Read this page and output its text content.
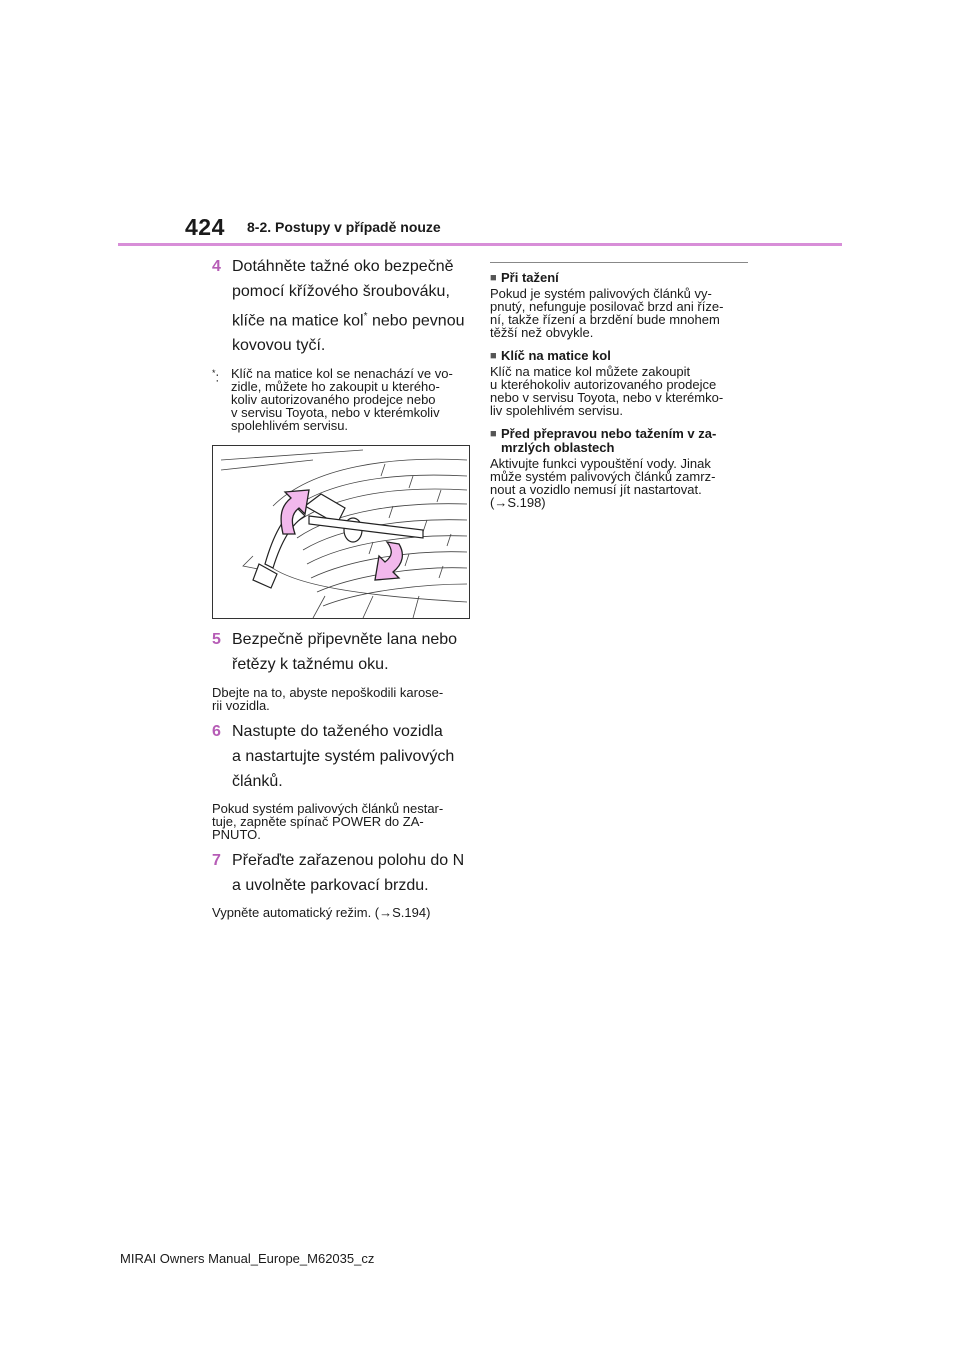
424 8-2. Postupy v případě nouze
4 Dotáhněte tažné oko bezpečně
pomocí křížového šroubováku,
klíče na matice kol* nebo pevnou
kovovou tyčí.
*: Klíč na matice kol se nenachází ve vo-
zidle, můžete ho zakoupit u kterého-
koliv autorizovaného prodejce nebo
v servisu Toyota, nebo v kterémkoliv
spolehlivém servisu.
5 Bezpečně připevněte lana nebo
řetězy k tažnému oku.
Dbejte na to, abyste nepoškodili karose-
rii vozidla.
6 Nastupte do taženého vozidla
a nastartujte systém palivových
článků.
Pokud systém palivových článků nestar-
tuje, zapněte spínač POWER do ZA-
PNUTO.
7 Přeřaďte zařazenou polohu do N
a uvolněte parkovací brzdu.
Vypněte automatický režim. (→S.194)
■ Při tažení
Pokud je systém palivových článků vy-
pnutý, nefunguje posilovač brzd ani říze-
ní, takže řízení a brzdění bude mnohem
těžší než obvykle.
■ Klíč na matice kol
Klíč na matice kol můžete zakoupit
u kteréhokoliv autorizovaného prodejce
nebo v servisu Toyota, nebo v kterémko-
liv spolehlivém servisu.
■ Před přepravou nebo tažením v za-
mrzlých oblastech
Aktivujte funkci vypouštění vody. Jinak
může systém palivových článků zamrz-
nout a vozidlo nemusí jít nastartovat.
(→S.198)
MIRAI Owners Manual_Europe_M62035_cz
